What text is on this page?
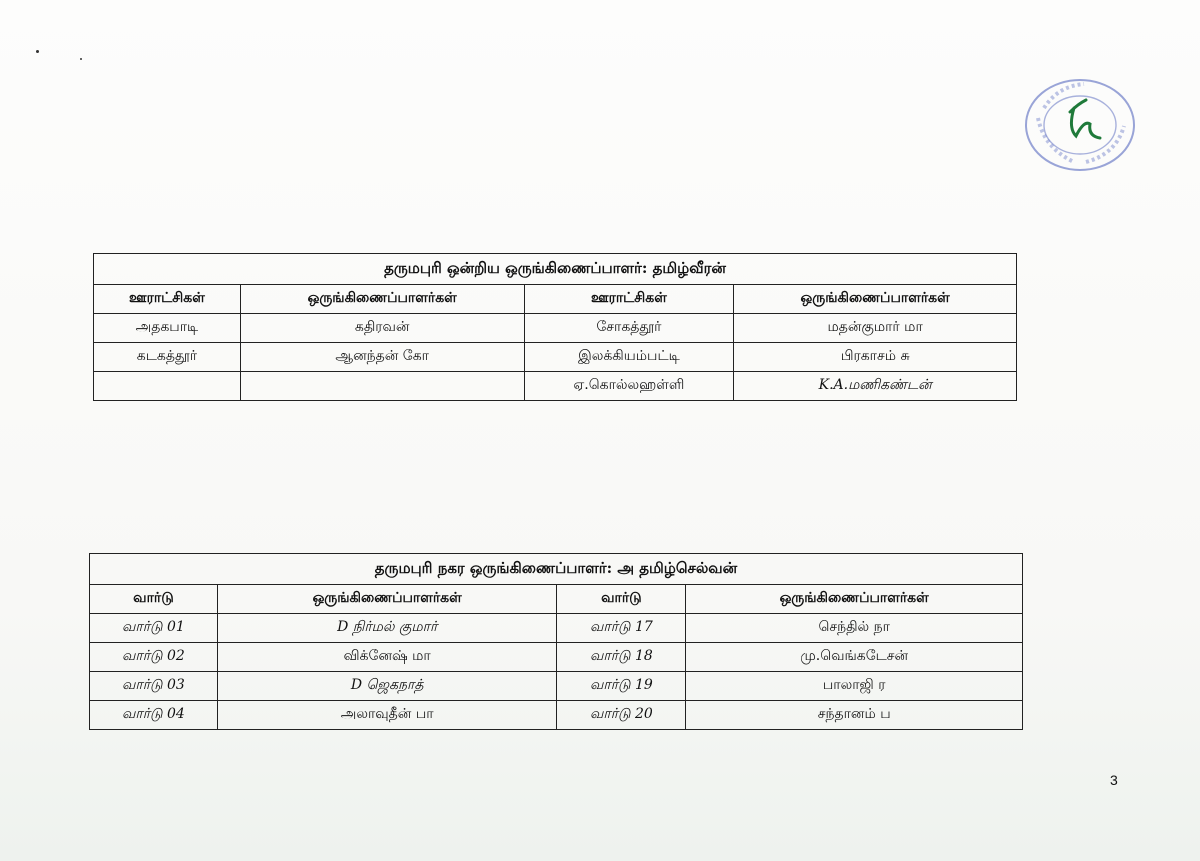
தருமபுரி ஒன்றிய ஒருங்கிணைப்பாளர்: தமிழ்வீரன்			
ஊராட்சிகள்	ஒருங்கிணைப்பாளர்கள்	ஊராட்சிகள்	ஒருங்கிணைப்பாளர்கள்
அதகபாடி	கதிரவன்	சோகத்தூர்	மதன்குமார் மா
கடகத்தூர்	ஆனந்தன் கோ	இலக்கியம்பட்டி	பிரகாசம் சு
		ஏ.கொல்லஹள்ளி	K.A.மணிகண்டன்
தருமபுரி நகர ஒருங்கிணைப்பாளர்: அ தமிழ்செல்வன்			
வார்டு	ஒருங்கிணைப்பாளர்கள்	வார்டு	ஒருங்கிணைப்பாளர்கள்
வார்டு 01	D நிர்மல் குமார்	வார்டு 17	செந்தில் நா
வார்டு 02	விக்னேஷ் மா	வார்டு 18	மு.வெங்கடேசன்
வார்டு 03	D ஜெகநாத்	வார்டு 19	பாலாஜி ர
வார்டு 04	அலாவுதீன் பா	வார்டு 20	சந்தானம் ப
3
